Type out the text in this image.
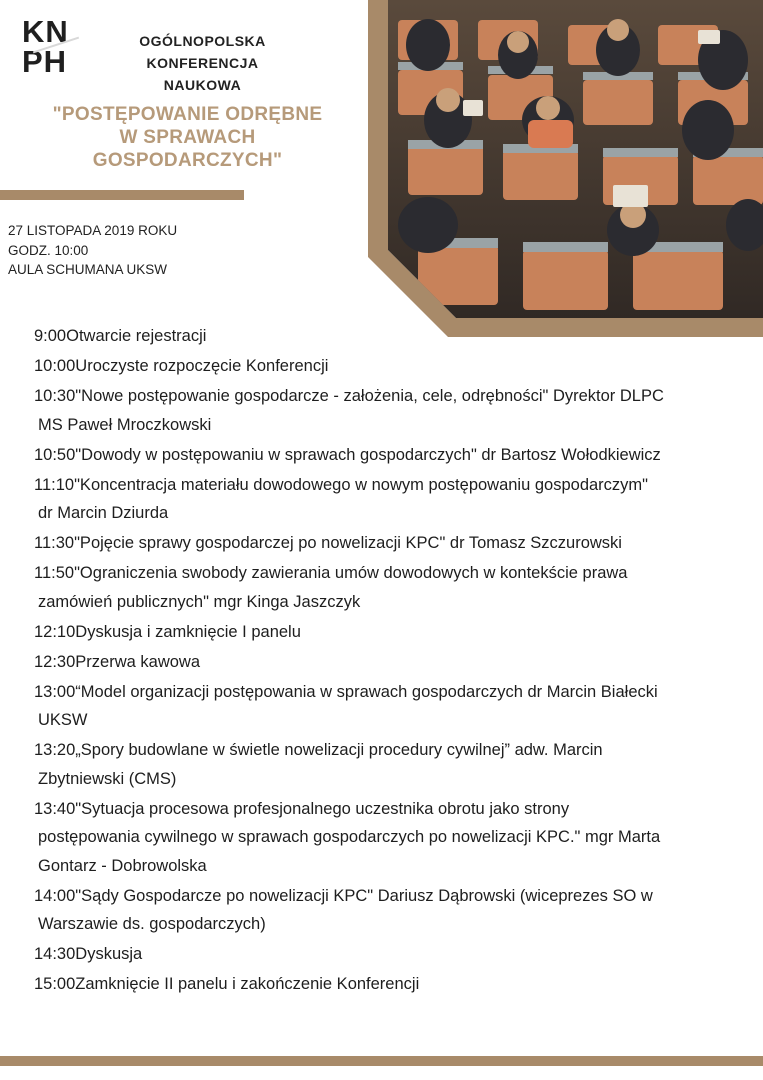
KN
PH
OGÓLNOPOLSKA
KONFERENCJA
NAUKOWA
"POSTĘPOWANIE ODRĘBNE
W SPRAWACH
GOSPODARCZYCH"
27 LISTOPADA 2019 ROKU
GODZ. 10:00
AULA SCHUMANA UKSW
9:00Otwarcie rejestracji
10:00Uroczyste rozpoczęcie Konferencji
10:30"Nowe postępowanie gospodarcze - założenia, cele, odrębności" Dyrektor DLPC
MS Paweł Mroczkowski
10:50"Dowody w postępowaniu w sprawach gospodarczych" dr Bartosz Wołodkiewicz
11:10"Koncentracja materiału dowodowego w nowym postępowaniu gospodarczym"
dr Marcin Dziurda
11:30"Pojęcie sprawy gospodarczej po nowelizacji KPC" dr Tomasz Szczurowski
11:50"Ograniczenia swobody zawierania umów dowodowych w kontekście prawa
zamówień publicznych" mgr Kinga Jaszczyk
12:10Dyskusja i zamknięcie I panelu
12:30Przerwa kawowa
13:00“Model organizacji postępowania w sprawach gospodarczych dr Marcin Białecki
UKSW
13:20„Spory budowlane w świetle nowelizacji procedury cywilnej” adw. Marcin
Zbytniewski (CMS)
13:40"Sytuacja procesowa profesjonalnego uczestnika obrotu jako strony
postępowania cywilnego w sprawach gospodarczych po nowelizacji KPC." mgr Marta
Gontarz - Dobrowolska
14:00"Sądy Gospodarcze po nowelizacji KPC" Dariusz Dąbrowski (wiceprezes SO w
Warszawie ds. gospodarczych)
14:30Dyskusja
15:00Zamknięcie II panelu i zakończenie Konferencji
